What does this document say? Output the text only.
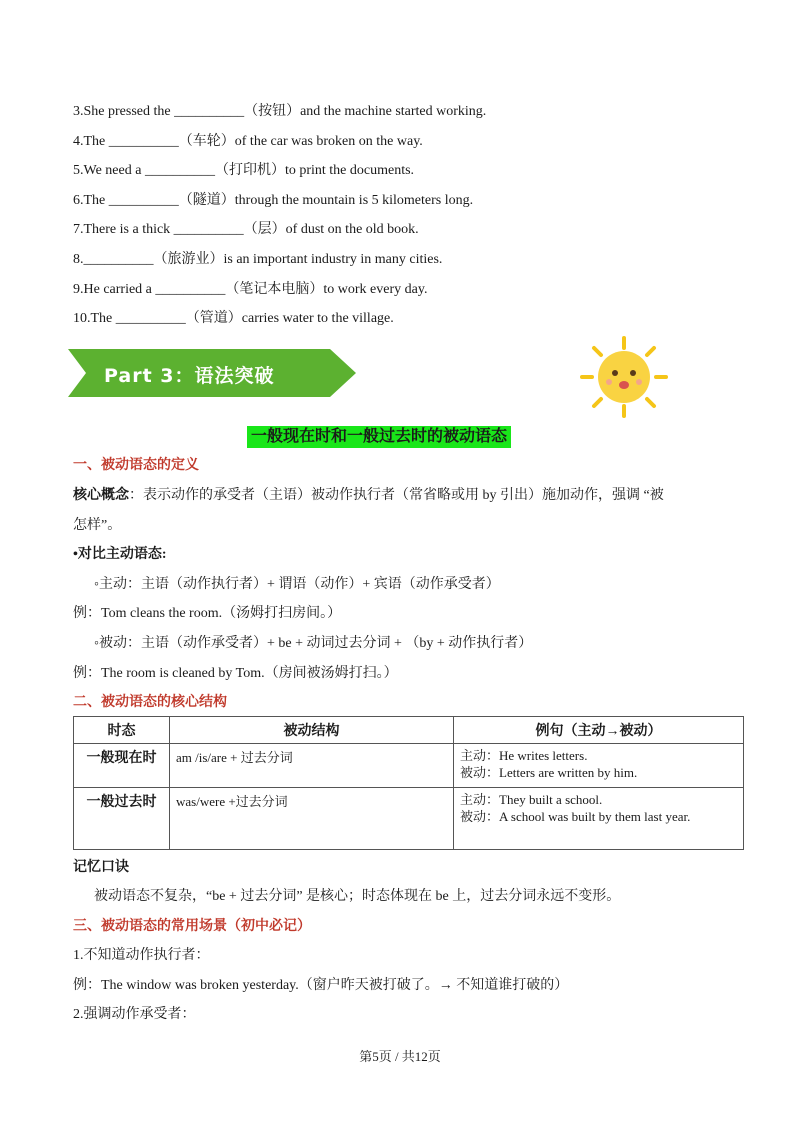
3.She pressed the __________（按钮）and the machine started working.
4.The __________（车轮）of the car was broken on the way.
5.We need a __________（打印机）to print the documents.
6.The __________（隧道）through the mountain is 5 kilometers long.
7.There is a thick __________（层）of dust on the old book.
8.__________（旅游业）is an important industry in many cities.
9.He carried a __________（笔记本电脑）to work every day.
10.The __________（管道）carries water to the village.
Part 3：语法突破
一般现在时和一般过去时的被动语态
一、被动语态的定义
核心概念：表示动作的承受者（主语）被动作执行者（常省略或用 by 引出）施加动作，强调 “被
怎样”。
•对比主动语态:
◦主动：主语（动作执行者）+ 谓语（动作）+ 宾语（动作承受者）
例：Tom cleans the room.（汤姆打扫房间。）
◦被动：主语（动作承受者）+ be + 动词过去分词 + （by + 动作执行者）
例：The room is cleaned by Tom.（房间被汤姆打扫。）
二、被动语态的核心结构
时态	被动结构	例句（主动→被动）
一般现在时	am /is/are + 过去分词	主动：He writes letters.
被动：Letters are written by him.

一般过去时	was/were +过去分词	主动：They built a school.
被动：A school was built by them last year.
记忆口诀
被动语态不复杂，“be + 过去分词” 是核心；时态体现在 be 上，过去分词永远不变形。
三、被动语态的常用场景（初中必记）
1.不知道动作执行者：
例：The window was broken yesterday.（窗户昨天被打破了。→ 不知道谁打破的）
2.强调动作承受者：
第5页 / 共12页
